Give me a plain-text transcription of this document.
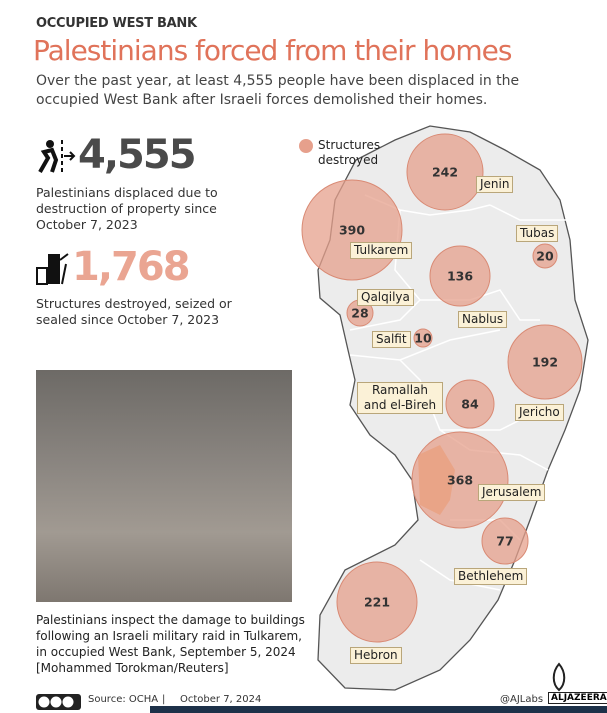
OCCUPIED WEST BANK
Palestinians forced from their homes
Over the past year, at least 4,555 people have been displaced in the occupied West Bank after Israeli forces demolished their homes.
4,555
Palestinians displaced due to destruction of property since October 7, 2023
1,768
Structures destroyed, seized or sealed since October 7, 2023
Palestinians inspect the damage to buildings following an Israeli military raid in Tulkarem, in occupied West Bank, September 5, 2024 [Mohammed Torokman/Reuters]
Structures destroyed
242
Jenin
390
Tulkarem	20
Tubas
136
Nablus
28
Qalqilya
10
Salfit
192
Jericho
84
Ramallah and el-Bireh
368
Jerusalem
77
Bethlehem
221
Hebron
Source: OCHA | October 7, 2024	@AJLabs ALJAZEERA
